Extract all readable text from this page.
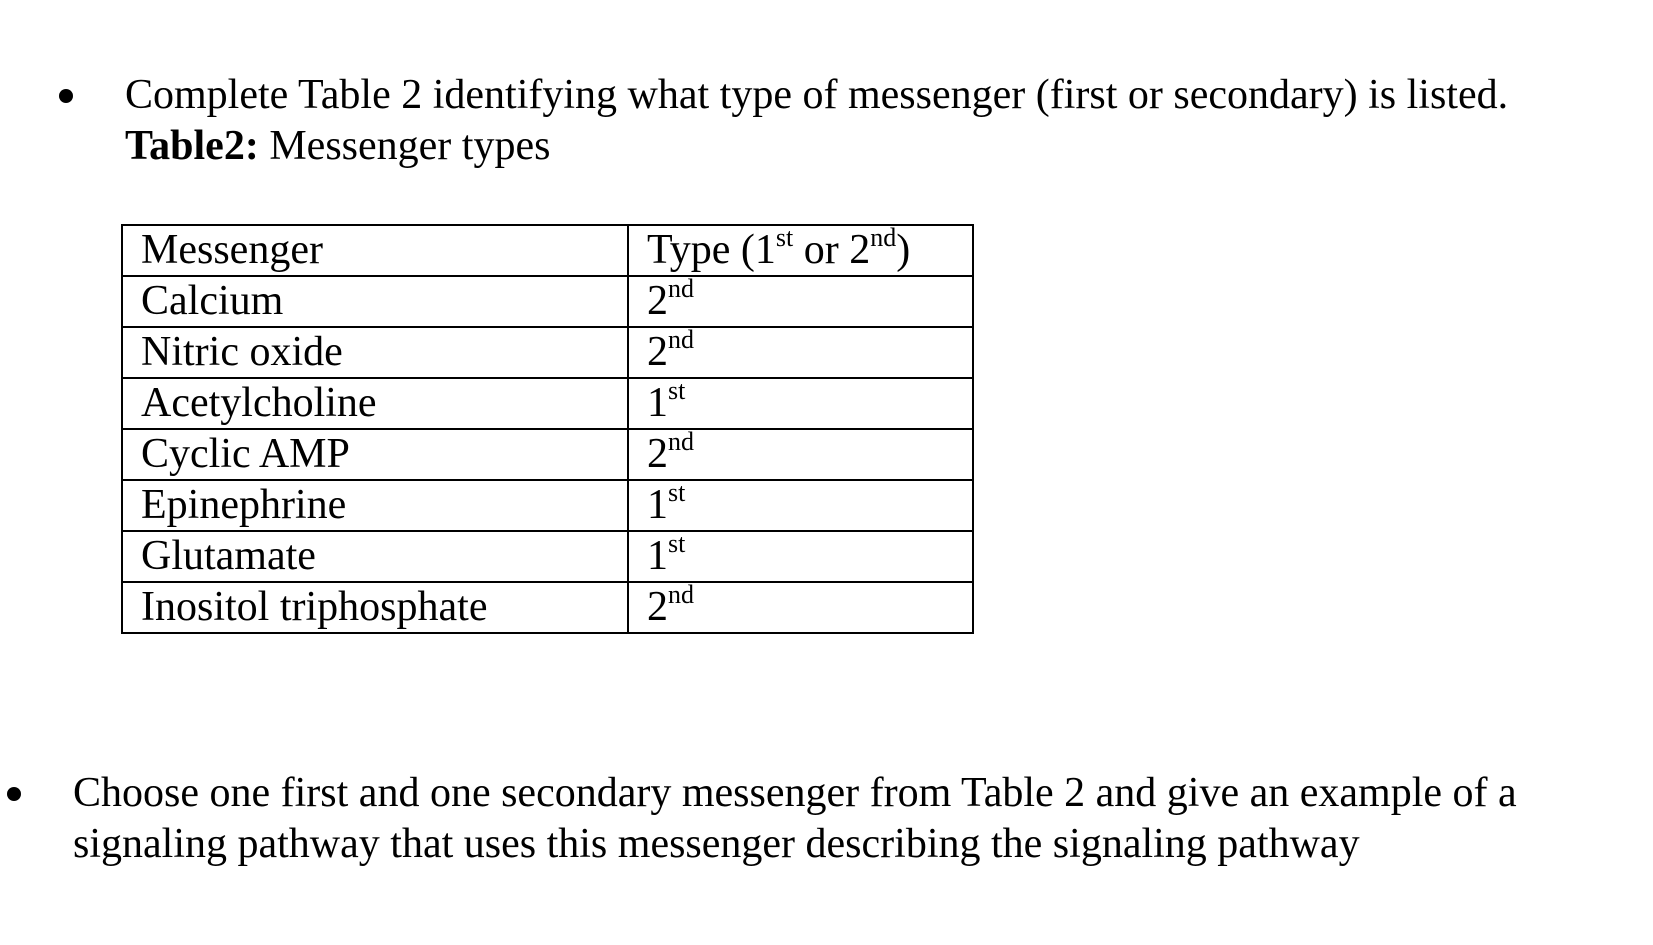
Complete Table 2 identifying what type of messenger (first or secondary) is listed.
Table2: Messenger types
Messenger	Type (1st or 2nd)
Calcium	2nd
Nitric oxide	2nd
Acetylcholine	1st
Cyclic AMP	2nd
Epinephrine	1st
Glutamate	1st
Inositol triphosphate	2nd
Choose one first and one secondary messenger from Table 2 and give an example of a
signaling pathway that uses this messenger describing the signaling pathway
